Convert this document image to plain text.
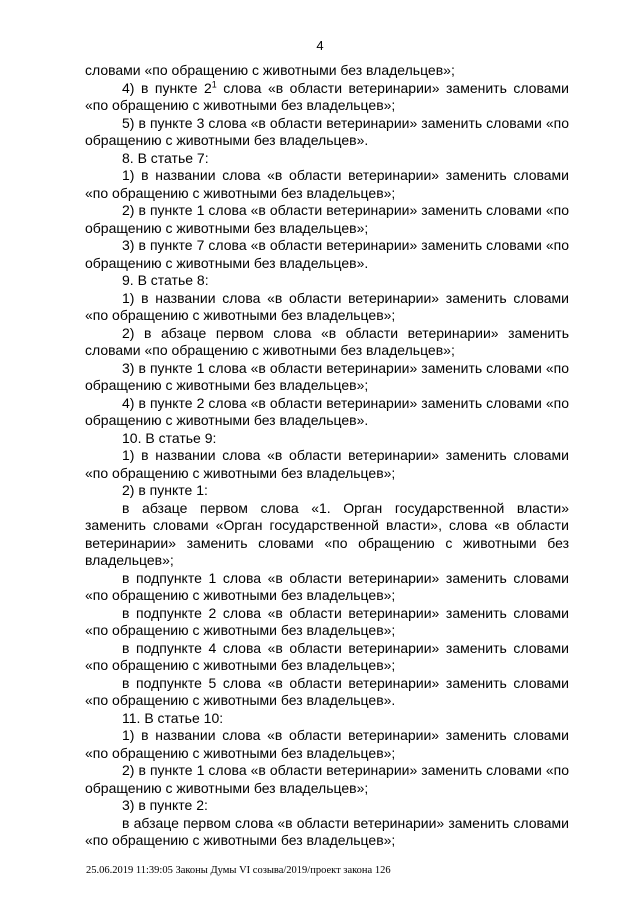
4

словами «по обращению с животными без владельцев»;

4) в пункте $2^1$ слова «в области ветеринарии» заменить словами «по обращению с животными без владельцев»;

5) в пункте 3 слова «в области ветеринарии» заменить словами «по обращению с животными без владельцев».

8. В статье 7:

1) в названии слова «в области ветеринарии» заменить словами «по обращению с животными без владельцев»;

2) в пункте 1 слова «в области ветеринарии» заменить словами «по обращению с животными без владельцев»;

3) в пункте 7 слова «в области ветеринарии» заменить словами «по обращению с животными без владельцев».

9. В статье 8:

1) в названии слова «в области ветеринарии» заменить словами «по обращению с животными без владельцев»;

2) в абзаце первом слова «в области ветеринарии» заменить словами «по обращению с животными без владельцев»;

3) в пункте 1 слова «в области ветеринарии» заменить словами «по обращению с животными без владельцев»;

4) в пункте 2 слова «в области ветеринарии» заменить словами «по обращению с животными без владельцев».

10. В статье 9:

1) в названии слова «в области ветеринарии» заменить словами «по обращению с животными без владельцев»;

2) в пункте 1:

в абзаце первом слова «1. Орган государственной власти» заменить словами «Орган государственной власти», слова «в области ветеринарии» заменить словами «по обращению с животными без владельцев»;

в подпункте 1 слова «в области ветеринарии» заменить словами «по обращению с животными без владельцев»;

в подпункте 2 слова «в области ветеринарии» заменить словами «по обращению с животными без владельцев»;

в подпункте 4 слова «в области ветеринарии» заменить словами «по обращению с животными без владельцев»;

в подпункте 5 слова «в области ветеринарии» заменить словами «по обращению с животными без владельцев».

11. В статье 10:

1) в названии слова «в области ветеринарии» заменить словами «по обращению с животными без владельцев»;

2) в пункте 1 слова «в области ветеринарии» заменить словами «по обращению с животными без владельцев»;

3) в пункте 2:

в абзаце первом слова «в области ветеринарии» заменить словами «по обращению с животными без владельцев»;

25.06.2019 11:39:05 Законы Думы VI созыва/2019/проект закона 126
